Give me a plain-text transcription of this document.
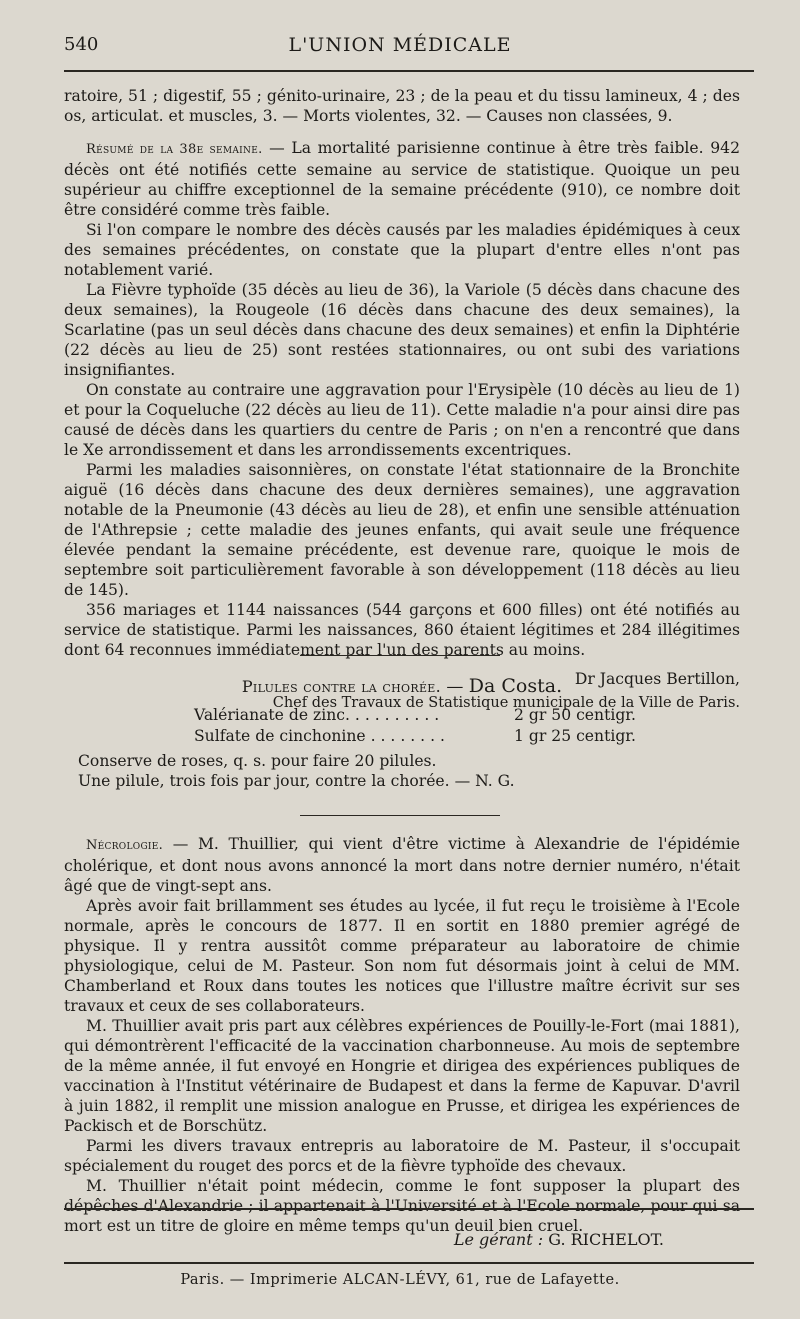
540	L'UNION MÉDICALE

ratoire, 51 ; digestif, 55 ; génito-urinaire, 23 ; de la peau et du tissu lamineux, 4 ; des os, articulat. et muscles, 3. — Morts violentes, 32. — Causes non classées, 9.

Résumé de la 38e semaine. — La mortalité parisienne continue à être très faible. 942 décès ont été notifiés cette semaine au service de statistique. Quoique un peu supérieur au chiffre exceptionnel de la semaine précédente (910), ce nombre doit être considéré comme très faible.

Si l'on compare le nombre des décès causés par les maladies épidémiques à ceux des semaines précédentes, on constate que la plupart d'entre elles n'ont pas notablement varié.

La Fièvre typhoïde (35 décès au lieu de 36), la Variole (5 décès dans chacune des deux semaines), la Rougeole (16 décès dans chacune des deux semaines), la Scarlatine (pas un seul décès dans chacune des deux semaines) et enfin la Diphtérie (22 décès au lieu de 25) sont restées stationnaires, ou ont subi des variations insignifiantes.

On constate au contraire une aggravation pour l'Erysipèle (10 décès au lieu de 1) et pour la Coqueluche (22 décès au lieu de 11). Cette maladie n'a pour ainsi dire pas causé de décès dans les quartiers du centre de Paris ; on n'en a rencontré que dans le Xe arrondissement et dans les arrondissements excentriques.

Parmi les maladies saisonnières, on constate l'état stationnaire de la Bronchite aiguë (16 décès dans chacune des deux dernières semaines), une aggravation notable de la Pneumonie (43 décès au lieu de 28), et enfin une sensible atténuation de l'Athrepsie ; cette maladie des jeunes enfants, qui avait seule une fréquence élevée pendant la semaine précédente, est devenue rare, quoique le mois de septembre soit particulièrement favorable à son développement (118 décès au lieu de 145).

356 mariages et 1144 naissances (544 garçons et 600 filles) ont été notifiés au service de statistique. Parmi les naissances, 860 étaient légitimes et 284 illégitimes dont 64 reconnues immédiatement par l'un des parents au moins.

Dr Jacques Bertillon,
Chef des Travaux de Statistique municipale de la Ville de Paris.
Pilules contre la chorée. — Da Costa.
Valérianate de zinc. . . . . . . . . .	2 gr 50 centigr.
Sulfate de cinchonine . . . . . . . .	1 gr 25 centigr.

Conserve de roses, q. s. pour faire 20 pilules.

Une pilule, trois fois par jour, contre la chorée. — N. G.

Nécrologie. — M. Thuillier, qui vient d'être victime à Alexandrie de l'épidémie cholérique, et dont nous avons annoncé la mort dans notre dernier numéro, n'était âgé que de vingt-sept ans.

Après avoir fait brillamment ses études au lycée, il fut reçu le troisième à l'Ecole normale, après le concours de 1877. Il en sortit en 1880 premier agrégé de physique. Il y rentra aussitôt comme préparateur au laboratoire de chimie physiologique, celui de M. Pasteur. Son nom fut désormais joint à celui de MM. Chamberland et Roux dans toutes les notices que l'illustre maître écrivit sur ses travaux et ceux de ses collaborateurs.

M. Thuillier avait pris part aux célèbres expériences de Pouilly-le-Fort (mai 1881), qui démontrèrent l'efficacité de la vaccination charbonneuse. Au mois de septembre de la même année, il fut envoyé en Hongrie et dirigea des expériences publiques de vaccination à l'Institut vétérinaire de Budapest et dans la ferme de Kapuvar. D'avril à juin 1882, il remplit une mission analogue en Prusse, et dirigea les expériences de Packisch et de Borschütz.

Parmi les divers travaux entrepris au laboratoire de M. Pasteur, il s'occupait spécialement du rouget des porcs et de la fièvre typhoïde des chevaux.

M. Thuillier n'était point médecin, comme le font supposer la plupart des dépêches d'Alexandrie ; il appartenait à l'Université et à l'Ecole normale, pour qui sa mort est un titre de gloire en même temps qu'un deuil bien cruel.

Le gérant : G. RICHELOT.
Paris. — Imprimerie ALCAN-LÉVY, 61, rue de Lafayette.
